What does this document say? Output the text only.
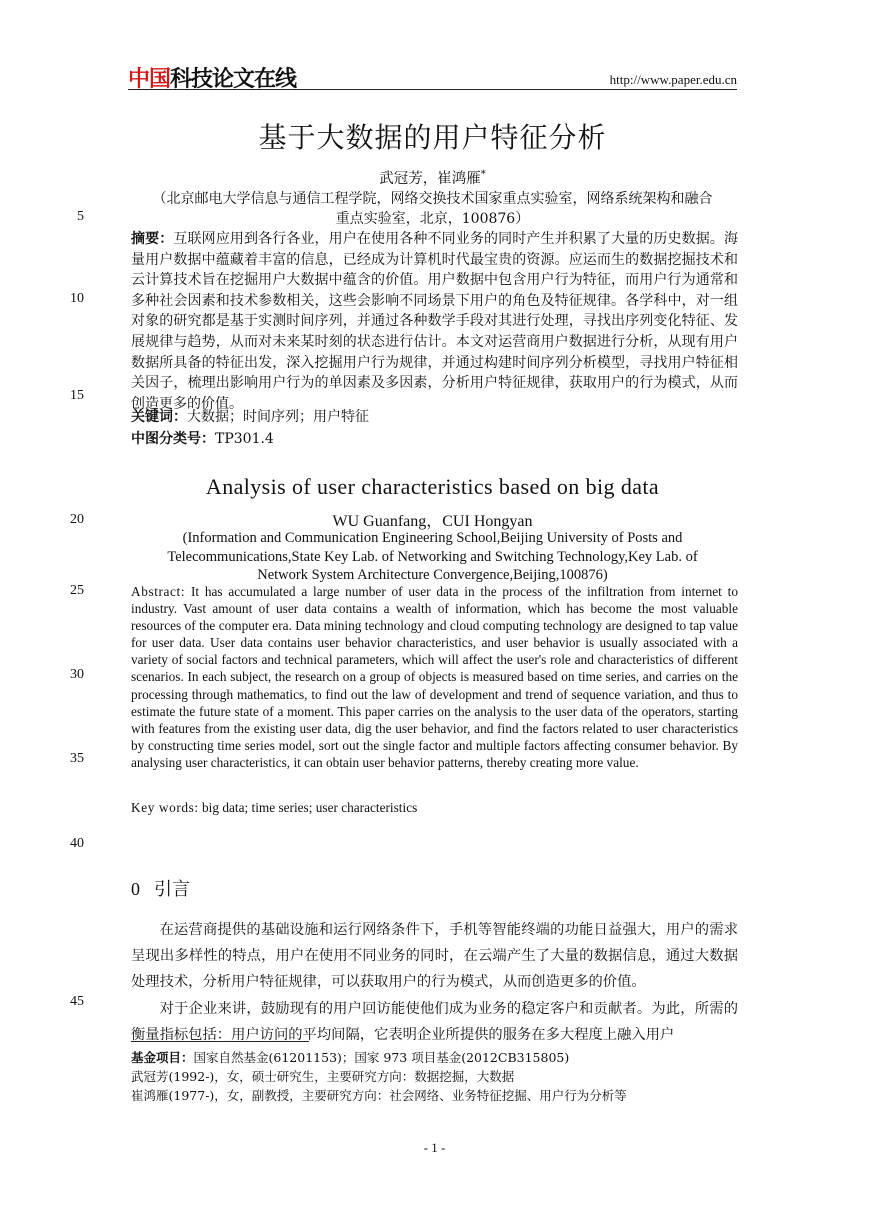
中国科技论文在线	http://www.paper.edu.cn
基于大数据的用户特征分析
武冠芳，崔鸿雁*
（北京邮电大学信息与通信工程学院，网络交换技术国家重点实验室，网络系统架构和融合
重点实验室，北京，100876）
5
10
15
20
25
30
35
40
45
摘要：互联网应用到各行各业，用户在使用各种不同业务的同时产生并积累了大量的历史数据。海量用户数据中蕴藏着丰富的信息，已经成为计算机时代最宝贵的资源。应运而生的数据挖掘技术和云计算技术旨在挖掘用户大数据中蕴含的价值。用户数据中包含用户行为特征，而用户行为通常和多种社会因素和技术参数相关，这些会影响不同场景下用户的角色及特征规律。各学科中，对一组对象的研究都是基于实测时间序列，并通过各种数学手段对其进行处理，寻找出序列变化特征、发展规律与趋势，从而对未来某时刻的状态进行估计。本文对运营商用户数据进行分析，从现有用户数据所具备的特征出发，深入挖掘用户行为规律，并通过构建时间序列分析模型，寻找用户特征相关因子，梳理出影响用户行为的单因素及多因素，分析用户特征规律，获取用户的行为模式，从而创造更多的价值。
关键词：大数据；时间序列；用户特征
中图分类号：TP301.4
Analysis of user characteristics based on big data
WU Guanfang，CUI Hongyan
(Information and Communication Engineering School,Beijing University of Posts and
Telecommunications,State Key Lab. of Networking and Switching Technology,Key Lab. of
Network System Architecture Convergence,Beijing,100876)
Abstract: It has accumulated a large number of user data in the process of the infiltration from internet to industry. Vast amount of user data contains a wealth of information, which has become the most valuable resources of the computer era. Data mining technology and cloud computing technology are designed to tap value for user data. User data contains user behavior characteristics, and user behavior is usually associated with a variety of social factors and technical parameters, which will affect the user's role and characteristics of different scenarios. In each subject, the research on a group of objects is measured based on time series, and carries on the processing through mathematics, to find out the law of development and trend of sequence variation, and thus to estimate the future state of a moment. This paper carries on the analysis to the user data of the operators, starting with features from the existing user data, dig the user behavior, and find the factors related to user characteristics by constructing time series model, sort out the single factor and multiple factors affecting consumer behavior. By analysing user characteristics, it can obtain user behavior patterns, thereby creating more value.
Key words: big data; time series; user characteristics
0 引言

在运营商提供的基础设施和运行网络条件下，手机等智能终端的功能日益强大，用户的需求呈现出多样性的特点，用户在使用不同业务的同时，在云端产生了大量的数据信息，通过大数据处理技术，分析用户特征规律，可以获取用户的行为模式，从而创造更多的价值。

对于企业来讲，鼓励现有的用户回访能使他们成为业务的稳定客户和贡献者。为此，所需的衡量指标包括：用户访问的平均间隔，它表明企业所提供的服务在多大程度上融入用户

基金项目：国家自然基金(61201153)；国家 973 项目基金(2012CB315805)
武冠芳(1992-)，女，硕士研究生，主要研究方向：数据挖掘，大数据
崔鸿雁(1977-)，女，副教授，主要研究方向：社会网络、业务特征挖掘、用户行为分析等
- 1 -
